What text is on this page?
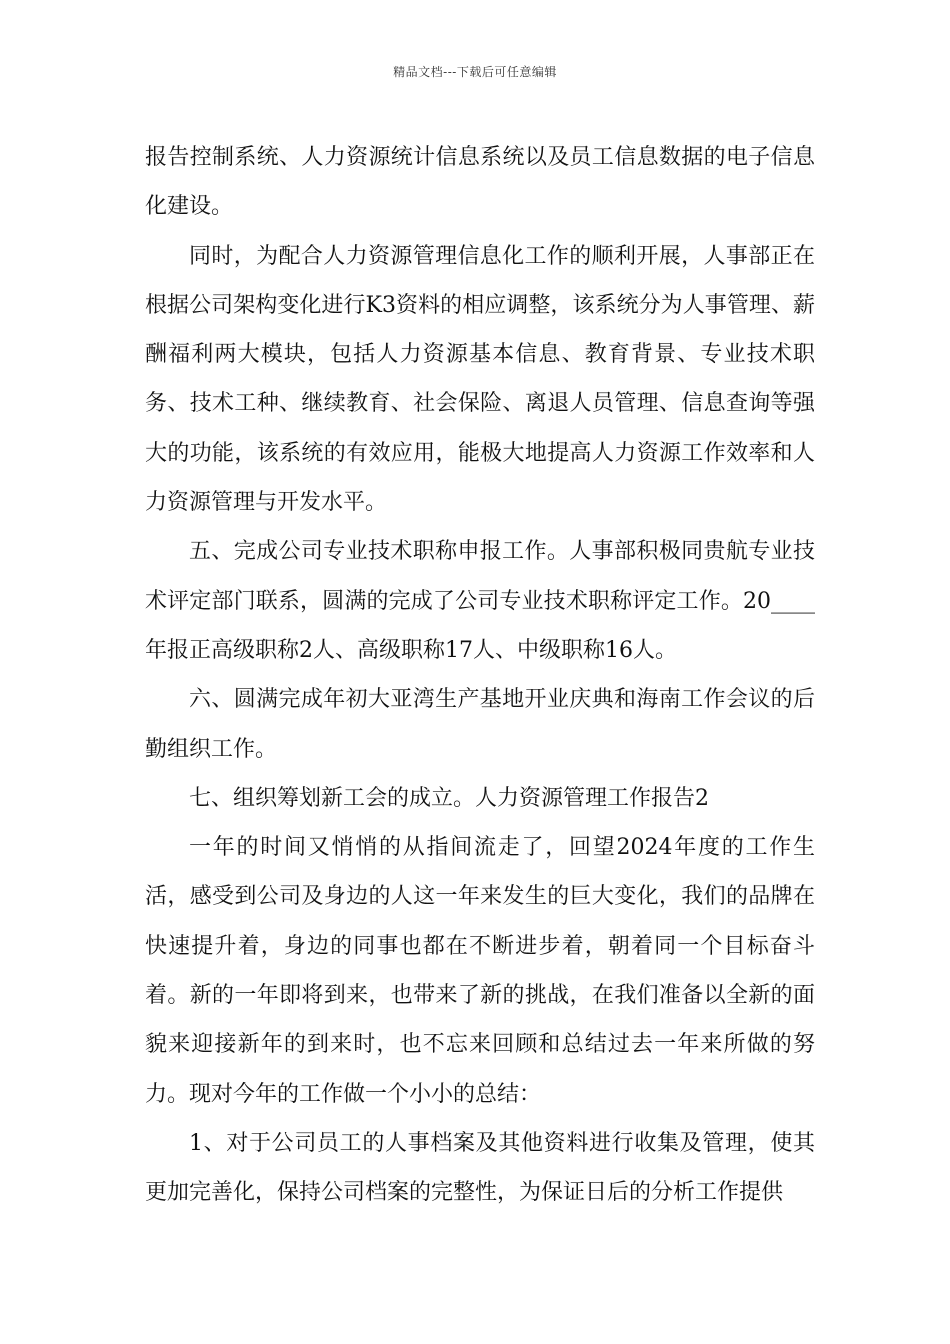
精品文档---下载后可任意编辑

报告控制系统、人力资源统计信息系统以及员工信息数据的电子信息化建设。

同时，为配合人力资源管理信息化工作的顺利开展，人事部正在根据公司架构变化进行K3资料的相应调整，该系统分为人事管理、薪酬福利两大模块，包括人力资源基本信息、教育背景、专业技术职务、技术工种、继续教育、社会保险、离退人员管理、信息查询等强大的功能，该系统的有效应用，能极大地提高人力资源工作效率和人力资源管理与开发水平。

五、完成公司专业技术职称申报工作。人事部积极同贵航专业技术评定部门联系，圆满的完成了公司专业技术职称评定工作。20____年报正高级职称2人、高级职称17人、中级职称16人。

六、圆满完成年初大亚湾生产基地开业庆典和海南工作会议的后勤组织工作。

七、组织筹划新工会的成立。人力资源管理工作报告2

一年的时间又悄悄的从指间流走了，回望2024年度的工作生活，感受到公司及身边的人这一年来发生的巨大变化，我们的品牌在快速提升着，身边的同事也都在不断进步着，朝着同一个目标奋斗着。新的一年即将到来，也带来了新的挑战，在我们准备以全新的面貌来迎接新年的到来时，也不忘来回顾和总结过去一年来所做的努力。现对今年的工作做一个小小的总结：

1、对于公司员工的人事档案及其他资料进行收集及管理，使其更加完善化，保持公司档案的完整性，为保证日后的分析工作提供
